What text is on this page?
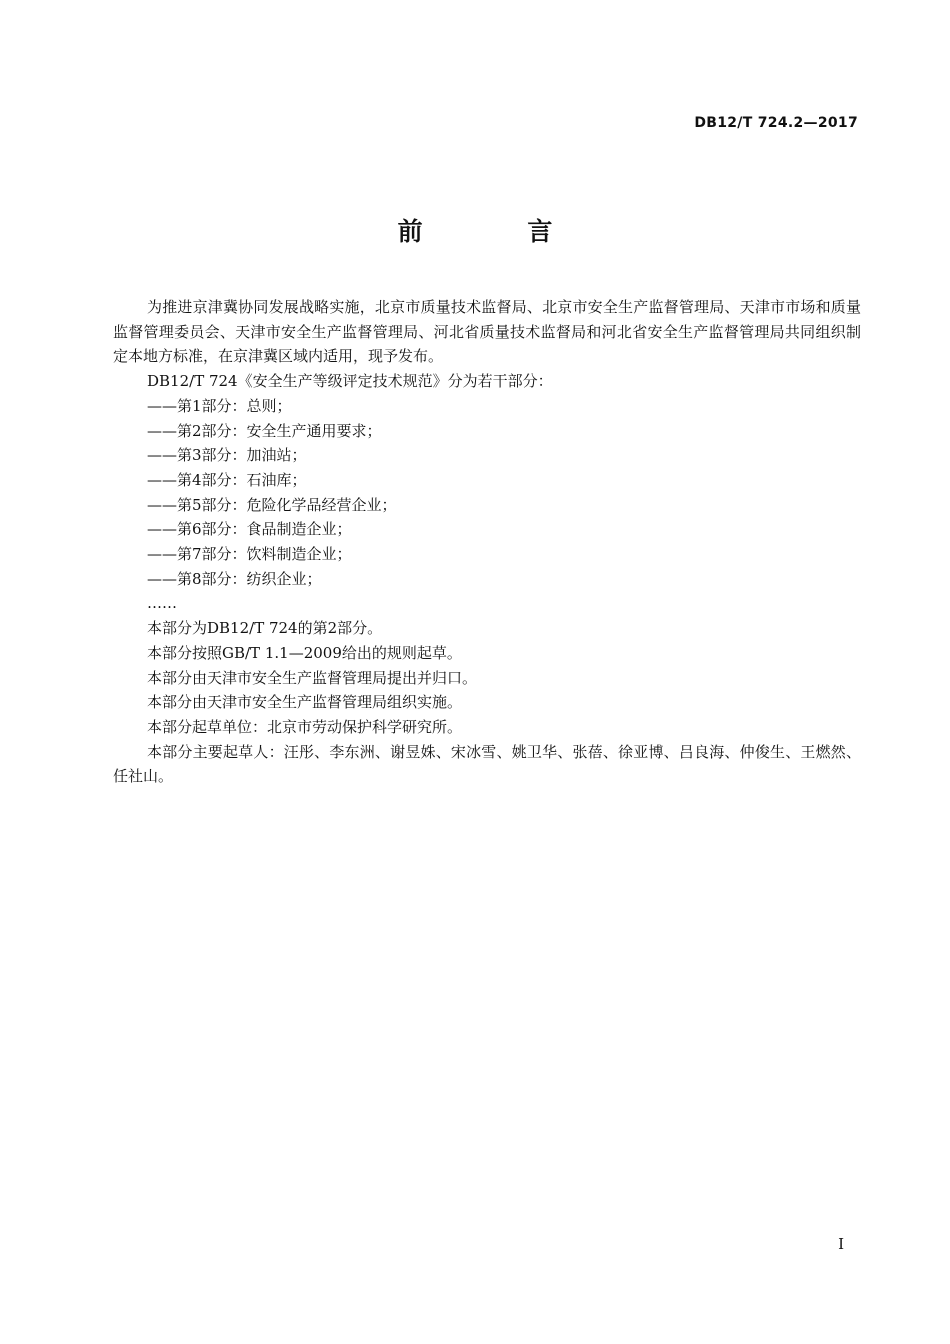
DB12/T 724.2—2017
前 言

为推进京津冀协同发展战略实施，北京市质量技术监督局、北京市安全生产监督管理局、天津市市场和质量监督管理委员会、天津市安全生产监督管理局、河北省质量技术监督局和河北省安全生产监督管理局共同组织制定本地方标准，在京津冀区域内适用，现予发布。

DB12/T 724《安全生产等级评定技术规范》分为若干部分：

——第1部分：总则；

——第2部分：安全生产通用要求；

——第3部分：加油站；

——第4部分：石油库；

——第5部分：危险化学品经营企业；

——第6部分：食品制造企业；

——第7部分：饮料制造企业；

——第8部分：纺织企业；

……

本部分为DB12/T 724的第2部分。

本部分按照GB/T 1.1—2009给出的规则起草。

本部分由天津市安全生产监督管理局提出并归口。

本部分由天津市安全生产监督管理局组织实施。

本部分起草单位：北京市劳动保护科学研究所。

本部分主要起草人：汪彤、李东洲、谢昱姝、宋冰雪、姚卫华、张蓓、徐亚博、吕良海、仲俊生、王燃然、任社山。

I
